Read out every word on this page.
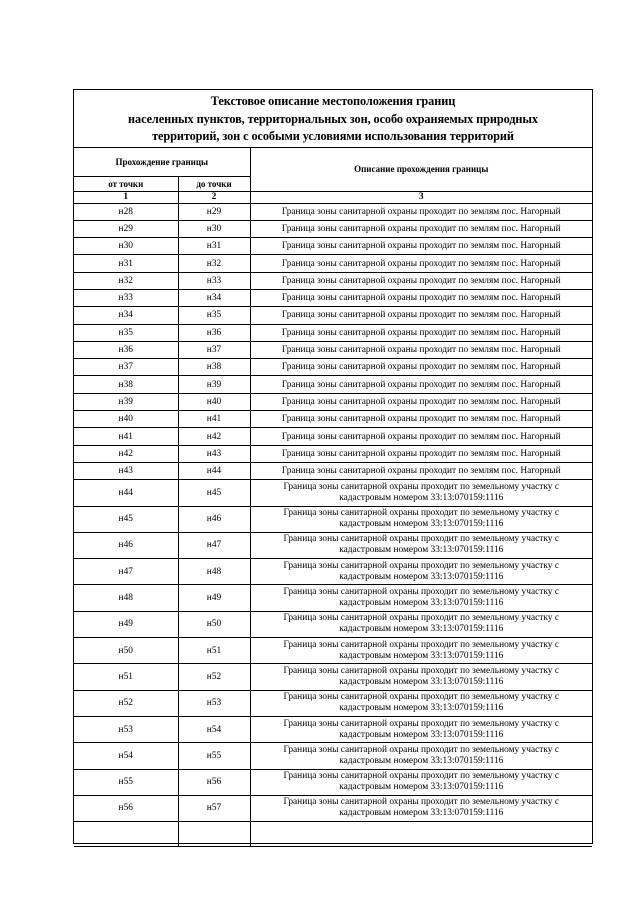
Текстовое описание местоположения границ
населенных пунктов, территориальных зон, особо охраняемых природных
территорий, зон с особыми условиями использования территорий
Прохождение границы		Описание прохождения границы
от точки	до точки	
1	2	3
н28	н29	Граница зоны санитарной охраны проходит по землям пос. Нагорный
н29	н30	Граница зоны санитарной охраны проходит по землям пос. Нагорный
н30	н31	Граница зоны санитарной охраны проходит по землям пос. Нагорный
н31	н32	Граница зоны санитарной охраны проходит по землям пос. Нагорный
н32	н33	Граница зоны санитарной охраны проходит по землям пос. Нагорный
н33	н34	Граница зоны санитарной охраны проходит по землям пос. Нагорный
н34	н35	Граница зоны санитарной охраны проходит по землям пос. Нагорный
н35	н36	Граница зоны санитарной охраны проходит по землям пос. Нагорный
н36	н37	Граница зоны санитарной охраны проходит по землям пос. Нагорный
н37	н38	Граница зоны санитарной охраны проходит по землям пос. Нагорный
н38	н39	Граница зоны санитарной охраны проходит по землям пос. Нагорный
н39	н40	Граница зоны санитарной охраны проходит по землям пос. Нагорный
н40	н41	Граница зоны санитарной охраны проходит по землям пос. Нагорный
н41	н42	Граница зоны санитарной охраны проходит по землям пос. Нагорный
н42	н43	Граница зоны санитарной охраны проходит по землям пос. Нагорный
н43	н44	Граница зоны санитарной охраны проходит по землям пос. Нагорный
н44	н45	Граница зоны санитарной охраны проходит по земельному участку с
кадастровым номером 33:13:070159:1116

н45	н46	Граница зоны санитарной охраны проходит по земельному участку с
кадастровым номером 33:13:070159:1116

н46	н47	Граница зоны санитарной охраны проходит по земельному участку с
кадастровым номером 33:13:070159:1116

н47	н48	Граница зоны санитарной охраны проходит по земельному участку с
кадастровым номером 33:13:070159:1116

н48	н49	Граница зоны санитарной охраны проходит по земельному участку с
кадастровым номером 33:13:070159:1116

н49	н50	Граница зоны санитарной охраны проходит по земельному участку с
кадастровым номером 33:13:070159:1116

н50	н51	Граница зоны санитарной охраны проходит по земельному участку с
кадастровым номером 33:13:070159:1116

н51	н52	Граница зоны санитарной охраны проходит по земельному участку с
кадастровым номером 33:13:070159:1116

н52	н53	Граница зоны санитарной охраны проходит по земельному участку с
кадастровым номером 33:13:070159:1116

н53	н54	Граница зоны санитарной охраны проходит по земельному участку с
кадастровым номером 33:13:070159:1116

н54	н55	Граница зоны санитарной охраны проходит по земельному участку с
кадастровым номером 33:13:070159:1116

н55	н56	Граница зоны санитарной охраны проходит по земельному участку с
кадастровым номером 33:13:070159:1116

н56	н57	Граница зоны санитарной охраны проходит по земельному участку с
кадастровым номером 33:13:070159:1116
